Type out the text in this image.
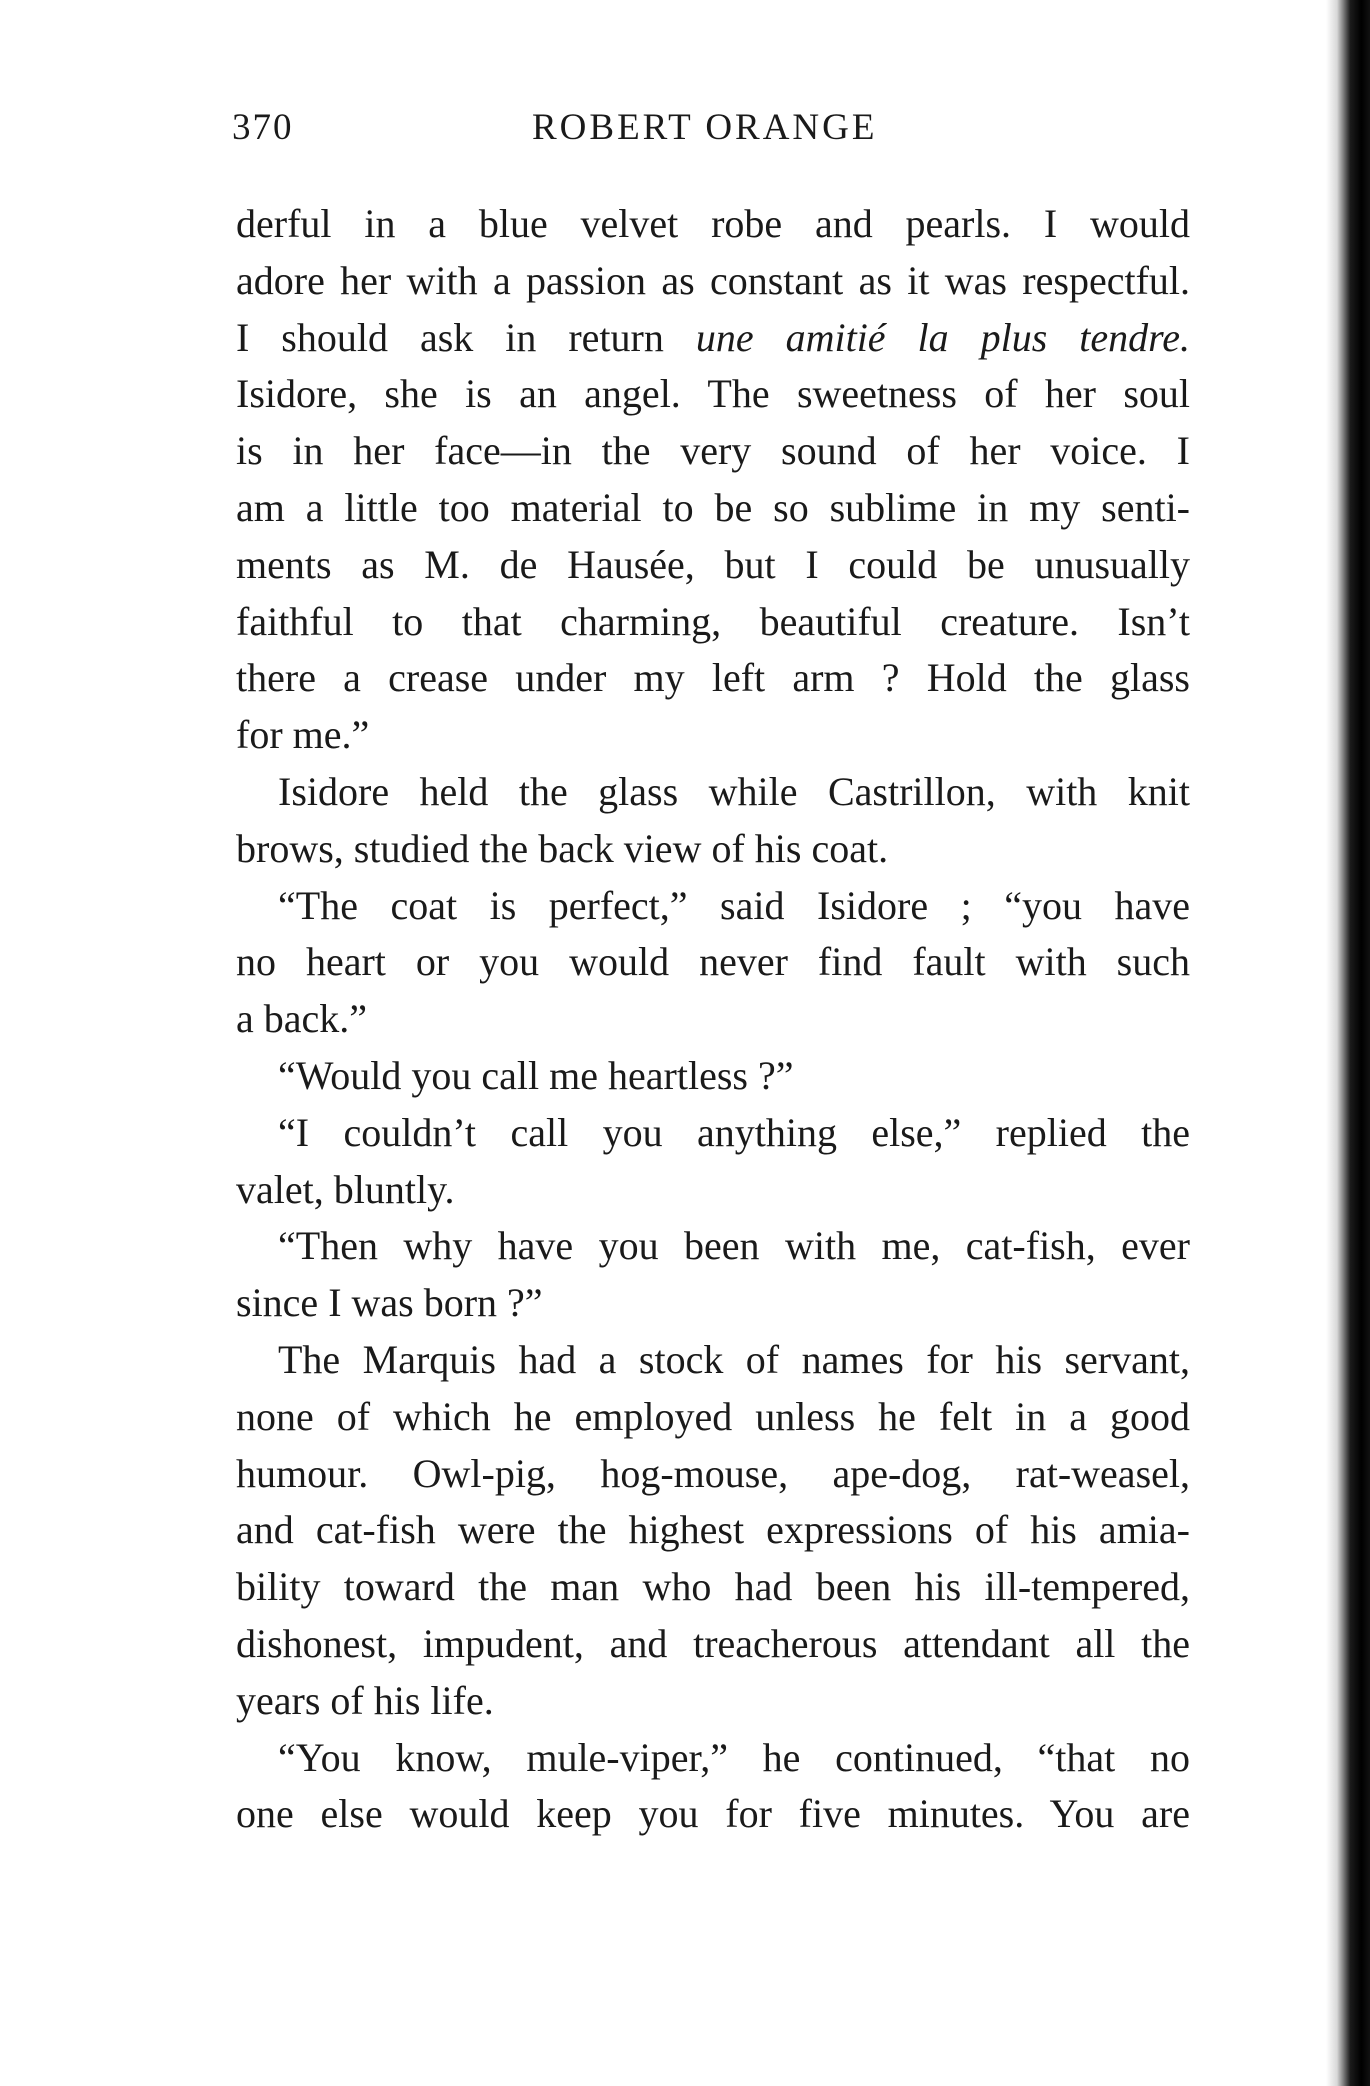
370	ROBERT ORANGE
derful in a blue velvet robe and pearls. I would
adore her with a passion as constant as it was respectful.
I should ask in return une amitié la plus tendre.
Isidore, she is an angel. The sweetness of her soul
is in her face—in the very sound of her voice. I
am a little too material to be so sublime in my senti-
ments as M. de Hausée, but I could be unusually
faithful to that charming, beautiful creature. Isn’t
there a crease under my left arm ? Hold the glass
for me.”
Isidore held the glass while Castrillon, with knit
brows, studied the back view of his coat.
“The coat is perfect,” said Isidore ; “you have
no heart or you would never find fault with such
a back.”
“Would you call me heartless ?”
“I couldn’t call you anything else,” replied the
valet, bluntly.
“Then why have you been with me, cat-fish, ever
since I was born ?”
The Marquis had a stock of names for his servant,
none of which he employed unless he felt in a good
humour. Owl-pig, hog-mouse, ape-dog, rat-weasel,
and cat-fish were the highest expressions of his amia-
bility toward the man who had been his ill-tempered,
dishonest, impudent, and treacherous attendant all the
years of his life.
“You know, mule-viper,” he continued, “that no
one else would keep you for five minutes. You are
